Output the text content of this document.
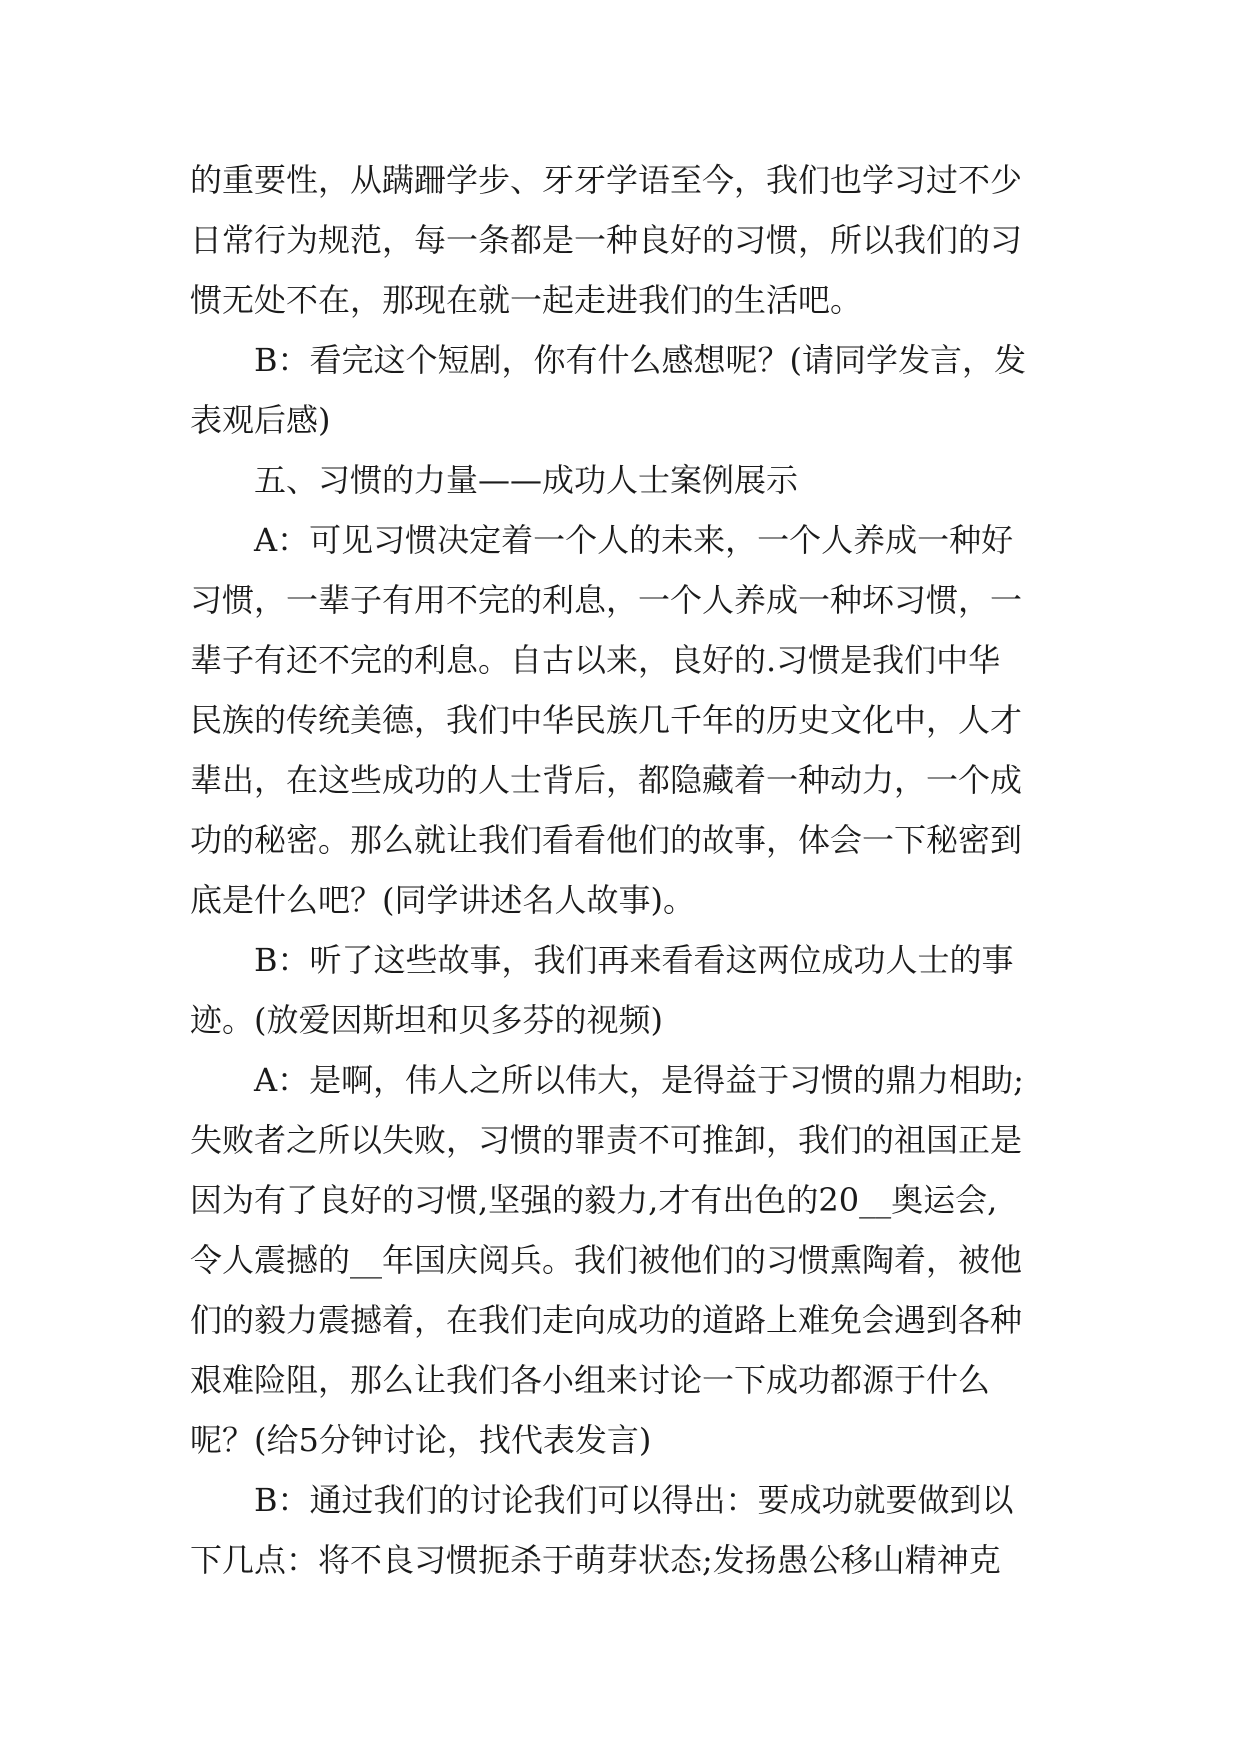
的重要性，从蹒跚学步、牙牙学语至今，我们也学习过不少
日常行为规范，每一条都是一种良好的习惯，所以我们的习
惯无处不在，那现在就一起走进我们的生活吧。
B：看完这个短剧，你有什么感想呢？(请同学发言，发
表观后感)
五、习惯的力量——成功人士案例展示
A：可见习惯决定着一个人的未来，一个人养成一种好
习惯，一辈子有用不完的利息，一个人养成一种坏习惯，一
辈子有还不完的利息。自古以来，良好的.习惯是我们中华
民族的传统美德，我们中华民族几千年的历史文化中，人才
辈出，在这些成功的人士背后，都隐藏着一种动力，一个成
功的秘密。那么就让我们看看他们的故事，体会一下秘密到
底是什么吧？(同学讲述名人故事)。
B：听了这些故事，我们再来看看这两位成功人士的事
迹。(放爱因斯坦和贝多芬的视频)
A：是啊，伟人之所以伟大，是得益于习惯的鼎力相助;
失败者之所以失败，习惯的罪责不可推卸，我们的祖国正是
因为有了良好的习惯,坚强的毅力,才有出色的20__奥运会,
令人震撼的__年国庆阅兵。我们被他们的习惯熏陶着，被他
们的毅力震撼着，在我们走向成功的道路上难免会遇到各种
艰难险阻，那么让我们各小组来讨论一下成功都源于什么
呢？(给5分钟讨论，找代表发言)
B：通过我们的讨论我们可以得出：要成功就要做到以
下几点：将不良习惯扼杀于萌芽状态;发扬愚公移山精神克
